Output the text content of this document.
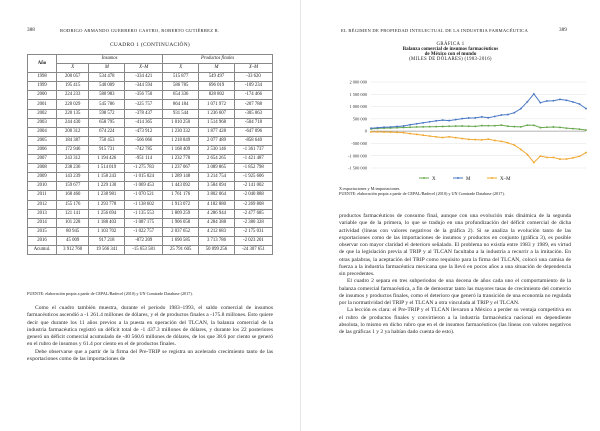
388	RODRIGO ARMANDO GUERRERO CASTRO, ROBERTO GUTIÉRREZ R.
CUADRO 1 (CONTINUACIÓN)
Año	Insumos			Productos finales		
	X	M	X–M	X	M	X–M
1998	200 057	534 478	-334 421	515 877	549 497	-33 620
1999	195 415	540 009	-344 594	586 785	696 019	-109 234
2000	224 233	580 983	-356 750	654 336	828 802	-174 466
2001	220 029	545 786	-325 757	864 184	1 071 972	-207 788
2002	220 135	598 572	-378 437	931 544	1 236 607	-305 063
2003	244 430	658 795	-414 365	1 010 250	1 514 968	-504 718
2004	200 312	674 224	-473 912	1 230 332	1 877 428	-647 096
2005	184 387	750 453	-566 066	1 218 849	2 077 489	-858 640
2006	172 946	915 731	-742 785	1 168 409	2 530 146	-1 361 737
2007	243 312	1 194 426	-951 114	1 232 778	2 654 265	-1 421 487
2008	238 236	1 514 019	-1 275 783	1 237 067	3 089 865	-1 852 798
2009	143 239	1 158 243	-1 015 024	1 289 148	3 214 754	-1 925 606
2010	159 677	1 229 130	-1 069 453	1 443 092	3 584 094	-2 141 002
2011	168 460	1 238 981	-1 070 521	1 761 176	3 802 064	-2 040 888
2012	155 176	1 293 778	-1 138 602	1 913 072	4 182 880	-2 269 808
2013	121 141	1 256 694	-1 135 553	1 809 259	4 286 944	-2 477 685
2014	101 228	1 188 403	-1 087 175	1 906 058	4 284 388	-2 380 328
2015	80 945	1 103 702	-1 022 757	2 037 652	4 212 683	-2 175 031
2016	45 009	917 218	-872 209	1 690 585	3 713 786	-2 023 201
Acumul.	3 912 760	19 566 341	-15 653 581	25 791 605	50 099 256	-24 307 651
FUENTE: elaboración propia a partir de CEPAL/Badecel (2010) y UN Comtrade Database (2017).

Como el cuadro también muestra, durante el periodo 1983–1993, el saldo comercial de insumos farmacéuticos ascendió a -1 261.4 millones de dólares, y el de productos finales a -175.8 millones. Esto quiere decir que durante los 11 años previos a la puesta en operación del TLCAN, la balanza comercial de la industria farmacéutica registró un déficit total de -1 437.3 millones de dólares, y durante los 22 posteriores generó un déficit comercial acumulado de -40 560.6 millones de dólares, de los que 38.6 por ciento se generó en el rubro de insumos y 61.4 por ciento en el de productos finales.

Debe observarse que a partir de la firma del Pre-TRIP se registra un acelerado crecimiento tanto de las exportaciones como de las importaciones de

EL RÉGIMEN DE PROPIEDAD INTELECTUAL DE LA INDUSTRIA FARMACÉUTICA	389
GRÁFICA 1
Balanza comercial de insumos farmacéuticos
de México con el mundo
(MILES DE DÓLARES) (1983-2016)
-1 500 000
-1 000 000
-500 000
0
500 000
1 000 000
1 500 000
2 000 000
X	M	X–M
X:exportaciones y M:importaciones.
FUENTE: elaboración propia a partir de CEPAL/Badecel (2010) y UN Comtrade Database (2017).

productos farmacéuticos de consumo final, aunque con una evolución más dinámica de la segunda variable que de la primera, lo que se tradujo en una profundización del déficit comercial de dicha actividad (líneas con valores negativos de la gráfica 2). Si se analiza la evolución tanto de las exportaciones como de las importaciones de insumos y productos en conjunto (gráfica 3), es posible observar con mayor claridad el deterioro señalado. El problema no existía entre 1983 y 1989, en virtud de que la legislación previa al TRIP y al TLCAN facultaba a la industria a recurrir a la imitación. En otras palabras, la aceptación del TRIP como requisito para la firma del TLCAN, colocó una camisa de fuerza a la industria farmacéutica mexicana que la llevó en pocos años a una situación de dependencia sin precedentes.

El cuadro 2 separa en tres subperiodos de una decena de años cada uno el comportamiento de la balanza comercial farmacéutica, a fin de demostrar tanto las mayores tasas de crecimiento del comercio de insumos y productos finales, como el deterioro que generó la transición de una economía no regulada por la normatividad del TRIP y el TLCAN a otra vinculada al TRIP y el TLCAN.

La lección es clara: el Pre-TRIP y el TLCAN llevaron a México a perder su ventaja competitiva en el rubro de productos finales y convirtieron a la industria farmacéutica nacional en dependiente absoluta, lo mismo en dicho rubro que en el de insumos farmacéuticos (las líneas con valores negativos de las gráficas 1 y 2 ya habían dado cuenta de esto).
